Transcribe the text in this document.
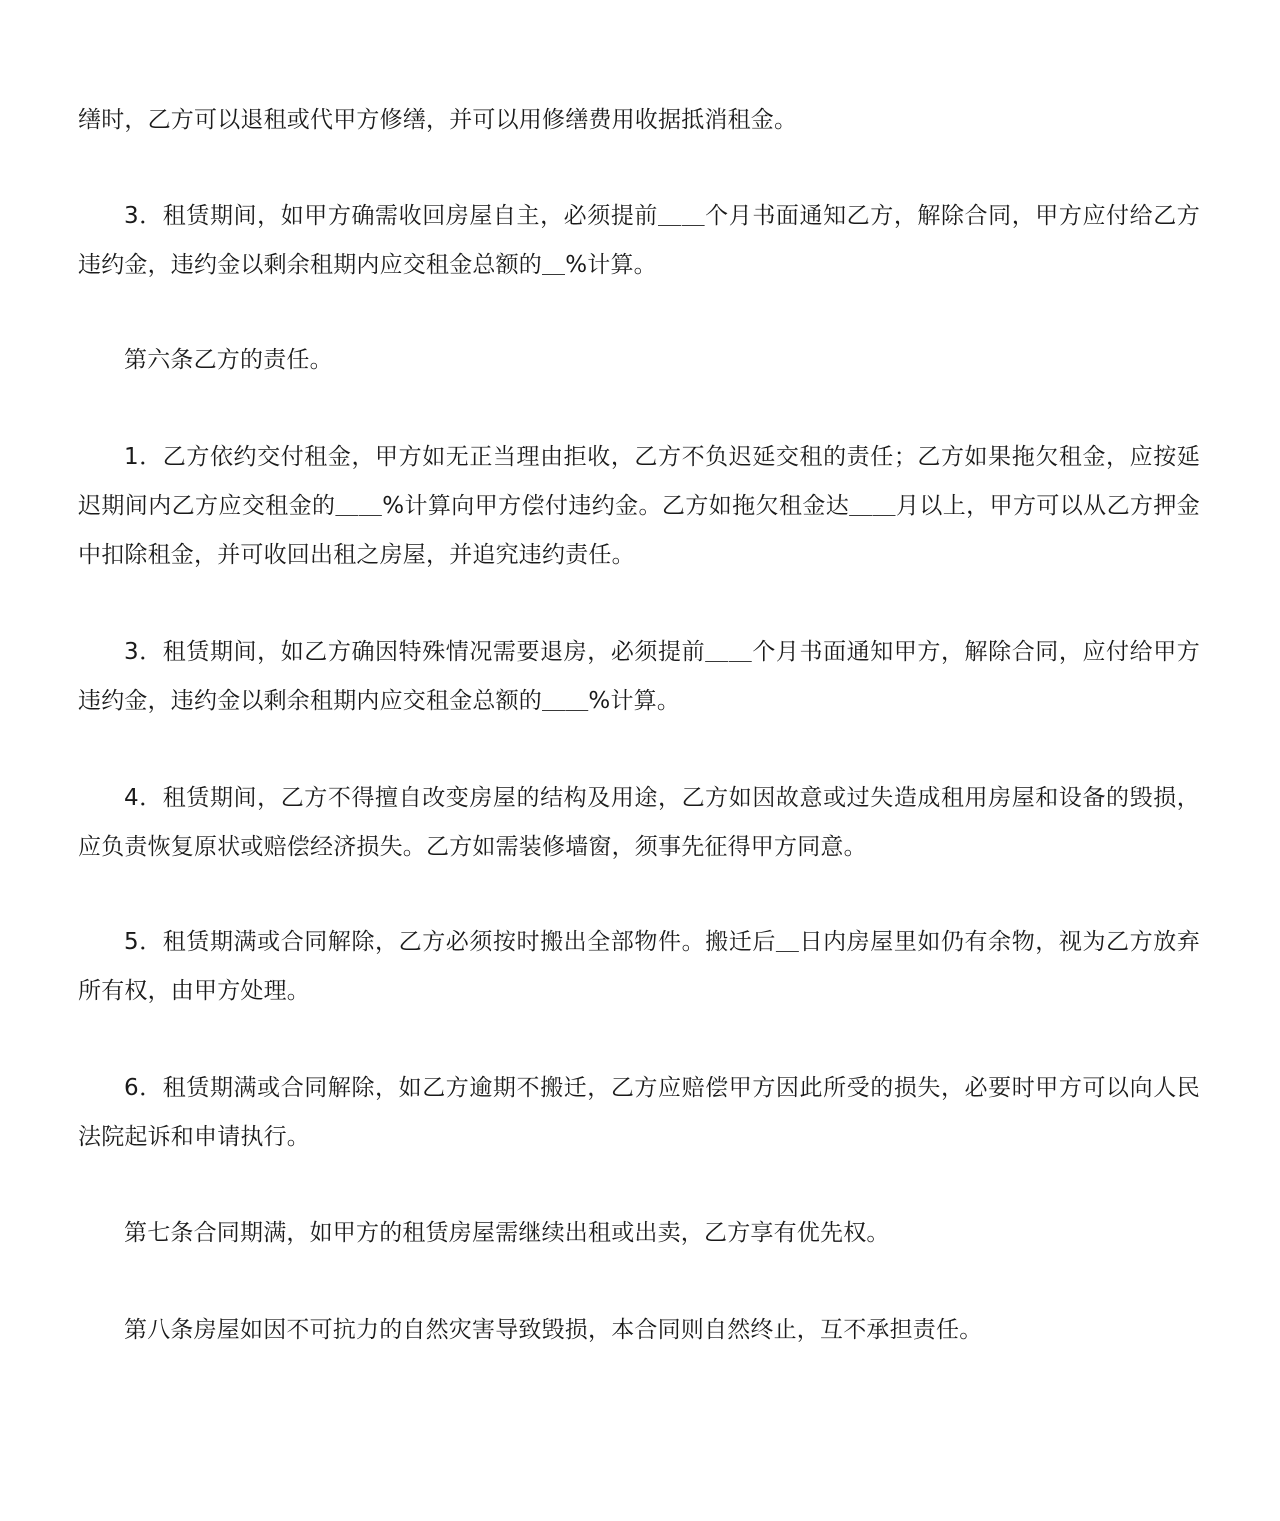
缮时，乙方可以退租或代甲方修缮，并可以用修缮费用收据抵消租金。

3．租赁期间，如甲方确需收回房屋自主，必须提前＿＿个月书面通知乙方，解除合同，甲方应付给乙方违约金，违约金以剩余租期内应交租金总额的＿%计算。

第六条乙方的责任。

1．乙方依约交付租金，甲方如无正当理由拒收，乙方不负迟延交租的责任；乙方如果拖欠租金，应按延迟期间内乙方应交租金的＿＿%计算向甲方偿付违约金。乙方如拖欠租金达＿＿月以上，甲方可以从乙方押金中扣除租金，并可收回出租之房屋，并追究违约责任。

3．租赁期间，如乙方确因特殊情况需要退房，必须提前＿＿个月书面通知甲方，解除合同，应付给甲方违约金，违约金以剩余租期内应交租金总额的＿＿%计算。

4．租赁期间，乙方不得擅自改变房屋的结构及用途，乙方如因故意或过失造成租用房屋和设备的毁损，应负责恢复原状或赔偿经济损失。乙方如需装修墙窗，须事先征得甲方同意。

5．租赁期满或合同解除，乙方必须按时搬出全部物件。搬迁后＿日内房屋里如仍有余物，视为乙方放弃所有权，由甲方处理。

6．租赁期满或合同解除，如乙方逾期不搬迁，乙方应赔偿甲方因此所受的损失，必要时甲方可以向人民法院起诉和申请执行。

第七条合同期满，如甲方的租赁房屋需继续出租或出卖，乙方享有优先权。

第八条房屋如因不可抗力的自然灾害导致毁损，本合同则自然终止，互不承担责任。
